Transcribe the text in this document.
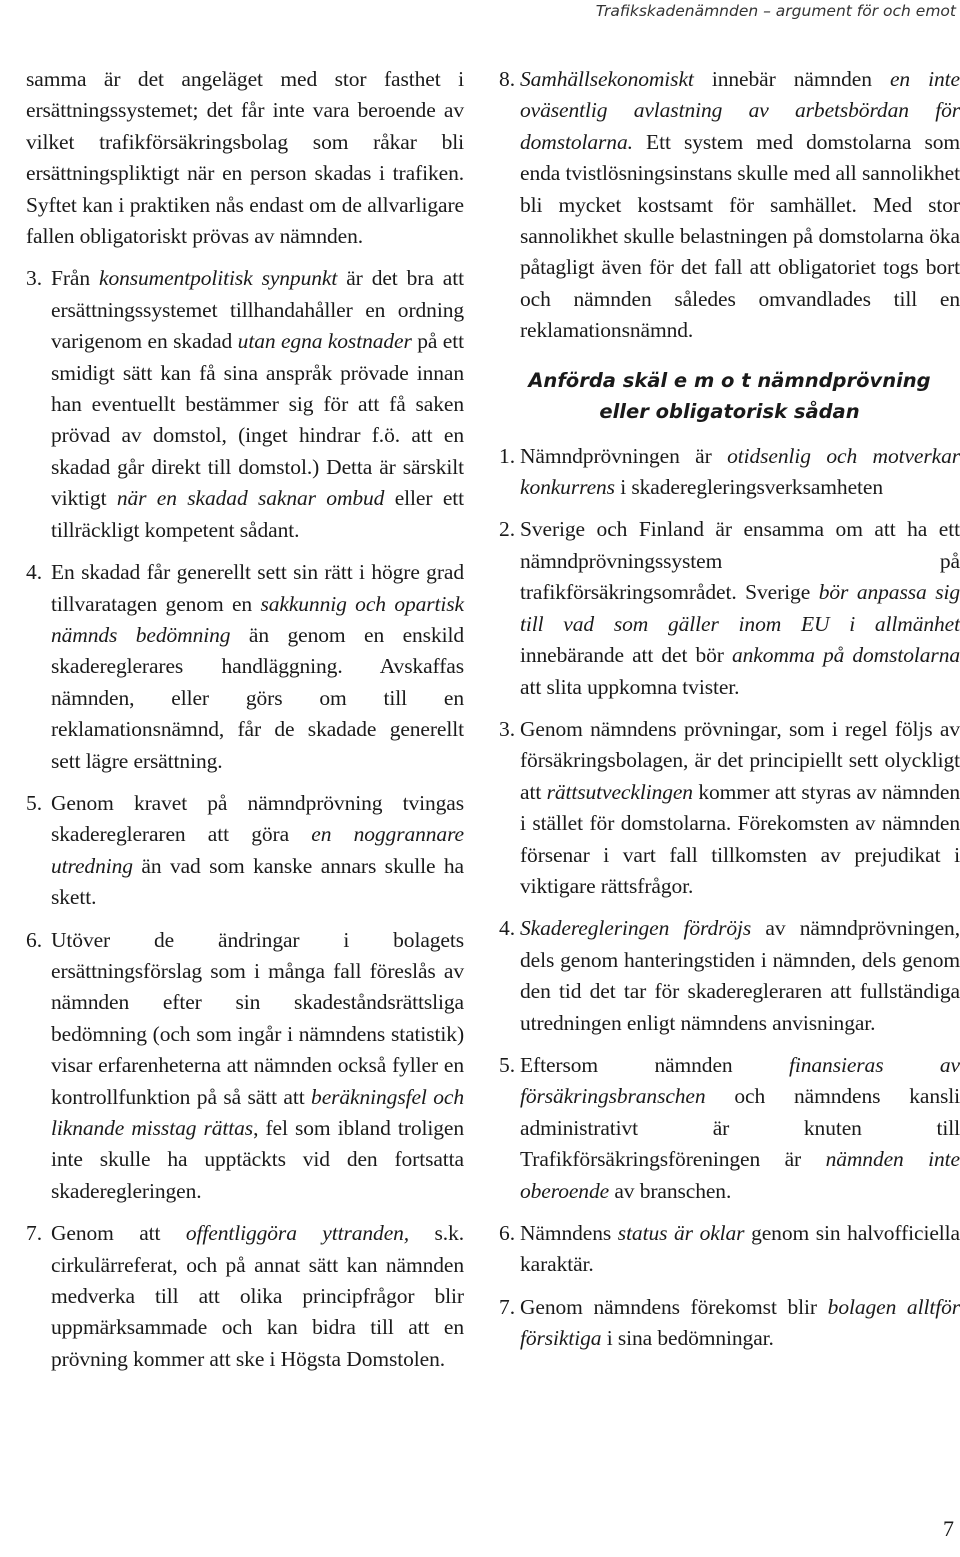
Trafikskadenämnden – argument för och emot

samma är det angeläget med stor fasthet i ersättningssystemet; det får inte vara beroende av vilket trafikförsäkringsbolag som råkar bli ersättningspliktigt när en person skadas i trafiken. Syftet kan i praktiken nås endast om de allvarligare fallen obligatoriskt prövas av nämnden.

3. Från konsumentpolitisk synpunkt är det bra att ersättningssystemet tillhandahåller en ordning varigenom en skadad utan egna kostnader på ett smidigt sätt kan få sina anspråk prövade innan han eventuellt bestämmer sig för att få saken prövad av domstol, (inget hindrar f.ö. att en skadad går direkt till domstol.) Detta är särskilt viktigt när en skadad saknar ombud eller ett tillräckligt kompetent sådant.

4. En skadad får generellt sett sin rätt i högre grad tillvaratagen genom en sakkunnig och opartisk nämnds bedömning än genom en enskild skadereglerares handläggning. Avskaffas nämnden, eller görs om till en reklamationsnämnd, får de skadade generellt sett lägre ersättning.

5. Genom kravet på nämndprövning tvingas skaderegleraren att göra en noggrannare utredning än vad som kanske annars skulle ha skett.

6. Utöver de ändringar i bolagets ersättningsförslag som i många fall föreslås av nämnden efter sin skadeståndsrättsliga bedömning (och som ingår i nämndens statistik) visar erfarenheterna att nämnden också fyller en kontrollfunktion på så sätt att beräkningsfel och liknande misstag rättas, fel som ibland troligen inte skulle ha upptäckts vid den fortsatta skaderegleringen.

7. Genom att offentliggöra yttranden, s.k. cirkulärreferat, och på annat sätt kan nämnden medverka till att olika principfrågor blir uppmärksammade och kan bidra till att en prövning kommer att ske i Högsta Domstolen.

8. Samhällsekonomiskt innebär nämnden en inte oväsentlig avlastning av arbetsbördan för domstolarna. Ett system med domstolarna som enda tvistlösningsinstans skulle med all sannolikhet bli mycket kostsamt för samhället. Med stor sannolikhet skulle belastningen på domstolarna öka påtagligt även för det fall att obligatoriet togs bort och nämnden således omvandlades till en reklamationsnämnd.

Anförda skäl e m o t nämndprövning
eller obligatorisk sådan
1. Nämndprövningen är otidsenlig och motverkar konkurrens i skaderegleringsverksamheten

2. Sverige och Finland är ensamma om att ha ett nämndprövningssystem på trafikförsäkringsområdet. Sverige bör anpassa sig till vad som gäller inom EU i allmänhet innebärande att det bör ankomma på domstolarna att slita uppkomna tvister.

3. Genom nämndens prövningar, som i regel följs av försäkringsbolagen, är det principiellt sett olyckligt att rättsutvecklingen kommer att styras av nämnden i stället för domstolarna. Förekomsten av nämnden försenar i vart fall tillkomsten av prejudikat i viktigare rättsfrågor.

4. Skaderegleringen fördröjs av nämndprövningen, dels genom hanteringstiden i nämnden, dels genom den tid det tar för skaderegleraren att fullständiga utredningen enligt nämndens anvisningar.

5. Eftersom nämnden finansieras av försäkringsbranschen och nämndens kansli administrativt är knuten till Trafikförsäkringsföreningen är nämnden inte oberoende av branschen.

6. Nämndens status är oklar genom sin halvofficiella karaktär.

7. Genom nämndens förekomst blir bolagen alltför försiktiga i sina bedömningar.

7
